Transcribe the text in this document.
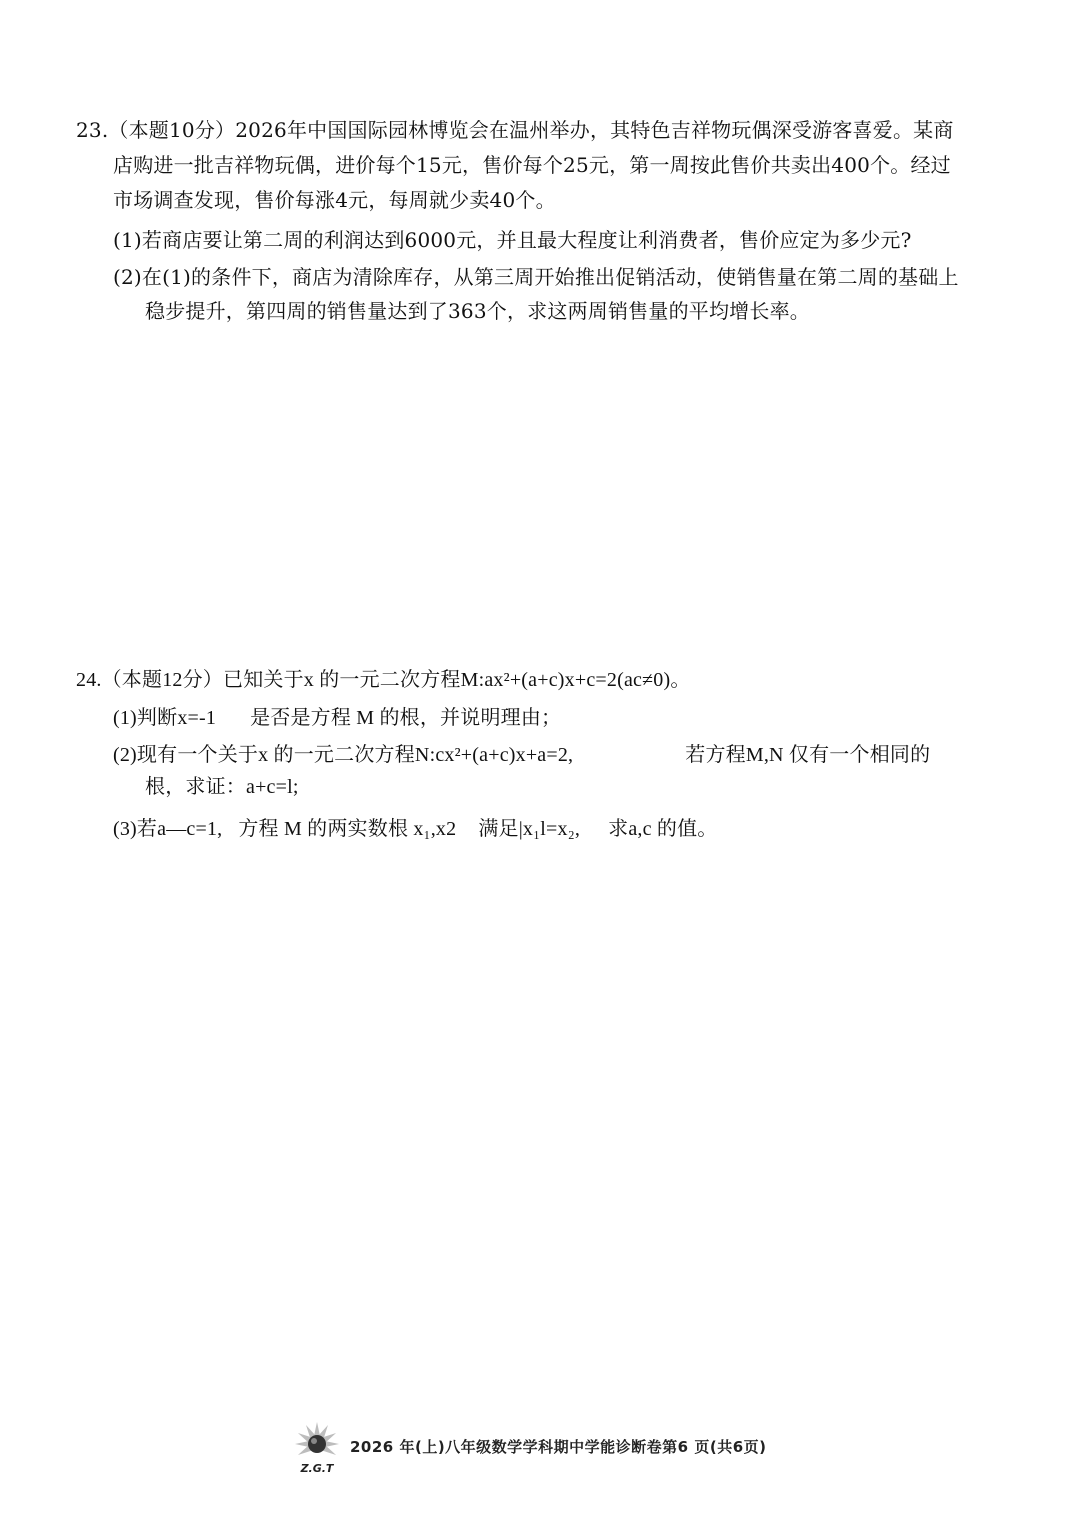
23.（本题10分）2026年中国国际园林博览会在温州举办，其特色吉祥物玩偶深受游客喜爱。某商
店购进一批吉祥物玩偶，进价每个15元，售价每个25元，第一周按此售价共卖出400个。经过
市场调查发现，售价每涨4元，每周就少卖40个。
(1)若商店要让第二周的利润达到6000元，并且最大程度让利消费者，售价应定为多少元?
(2)在(1)的条件下，商店为清除库存，从第三周开始推出促销活动，使销售量在第二周的基础上
稳步提升，第四周的销售量达到了363个，求这两周销售量的平均增长率。
24.（本题12分）已知关于x 的一元二次方程M:ax²+(a+c)x+c=2(ac≠0)。
(1)判断x=-1 是否是方程 M 的根，并说明理由；
(2)现有一个关于x 的一元二次方程N:cx²+(a+c)x+a=2,	若方程M,N 仅有一个相同的
根，求证：a+c=l;
(3)若a—c=1, 方程 M 的两实数根 x₁,x2 满足|x₁l=x₂, 求a,c 的值。
Z.G.T
2026 年(上)八年级数学学科期中学能诊断卷第6 页(共6页)
